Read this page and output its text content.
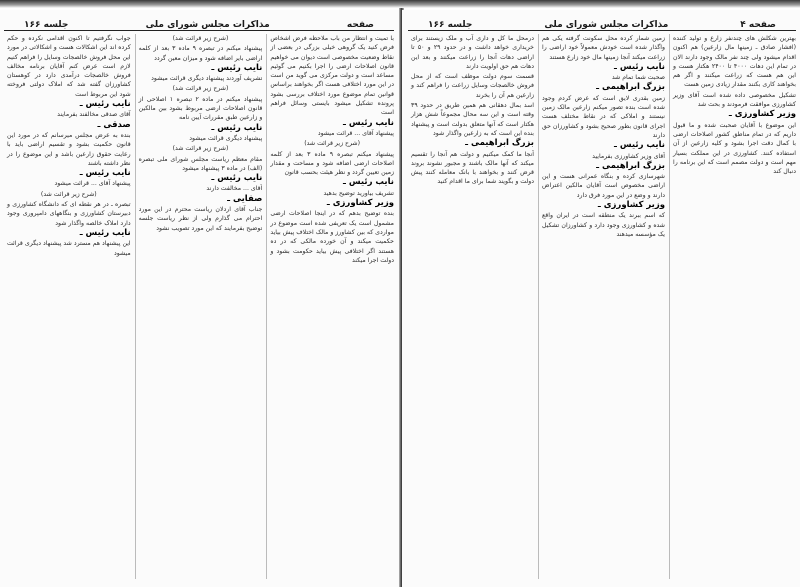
صفحه
مذاکرات مجلس شورای ملی
جلسه ۱۶۶

با تمیت و انتظار من باب ملاحظه فرض اشخاص فرض کنید یک گروهی خیلی بزرگی در بعضی از نقاط وضعیت مخصوصی است دیوان می خواهیم قانون اصلاحات ارضی را اجرا بکنیم می گوئیم مساعد است و دولت مرکزی می گوید من است در این مورد اختلافی هست اگر بخواهند براساس قوانین تمام موضوع مورد اختلاف بررسی بشود پرونده تشکیل میشود بایستی وسائل فراهم است

نایب رئیس ـ

پیشنهاد آقای ... قرائت میشود

(شرح زیر قرائت شد)

پیشنهاد میکنم تبصره ۹ ماده ۳ بعد از کلمه اصلاحات ارضی اضافه شود و مساحت و مقدار زمین تعیین گردد و نظر هیئت بحسب قانون

نایب رئیس ـ

تشریف بیاورید توضیح بدهید

وزیر کشاورزی ـ

بنده توضیح بدهم که در اینجا اصلاحات ارضی مشمول است یک تعریفی شده است موضوع در مواردی که بین کشاورز و مالک اختلاف پیش بیاید حکمیت میکند و آن خورده مالکی که در ده هستند اگر اختلافی پیش بیاید حکومت بشود و دولت اجرا میکند

(شرح زیر قرائت شد)

پیشنهاد میکنم در تبصره ۹ ماده ۳ بعد از کلمه اراضی بایر اضافه شود و میزان معین گردد

نایب رئیس ـ

تشریف آوردند پیشنهاد دیگری قرائت میشود

(شرح زیر قرائت شد)

پیشنهاد میکنم در ماده ۲ تبصره ۱ اصلاحی از قانون اصلاحات ارضی مربوط بشود بین مالکین و زارعین طبق مقررات آیین نامه

نایب رئیس ـ

پیشنهاد دیگری قرائت میشود

(شرح زیر قرائت شد)

مقام معظم ریاست مجلس شورای ملی تبصره (الف) در ماده ۳ پیشنهاد میشود

نایب رئیس ـ

آقای ... مخالفت دارند

صفایی ـ

جناب آقای اردلان ریاست محترم در این مورد احترام می گذارم ولی از نظر ریاست جلسه توضیح بفرمایند که این مورد تصویب نشود

جواب نگرفتیم تا اکنون اقدامی نکرده و حکم کرده اند این اشکالات هست و اشکالاتی در مورد این محل فروش خالصجات وسایل را فراهم کنیم لازم است عرض کنم آقایان برنامه مخالف فروش خالصجات درآمدی دارد در کوهستان کشاورزان گفته شد که املاک دولتی فروخته شود این مربوط است

نایب رئیس ـ

آقای صدقی مخالفند بفرمایند

صدقی ـ

بنده به عرض مجلس میرسانم که در مورد این قانون حکمیت بشود و تقسیم اراضی باید با رعایت حقوق زارعین باشد و این موضوع را در نظر داشته باشند

نایب رئیس ـ

پیشنهاد آقای ... قرائت میشود

(شرح زیر قرائت شد)

تبصره ـ در هر نقطه ای که دانشگاه کشاورزی و دبیرستان کشاورزی و بنگاههای دامپروری وجود دارد املاک خالصه واگذار شود

نایب رئیس ـ

این پیشنهاد هم مسترد شد پیشنهاد دیگری قرائت میشود

صفحه ۴
مذاکرات مجلس شورای ملی
جلسه ۱۶۶

بهترین شکلش های چندنفر زارع و تولید کننده (افشار صادق ـ زمینها مال زارعین) هم اکنون اقدام میشود ولی چند نفر مالک وجود دارند الان در تمام این دهات ۴۰۰۰ تا ۲۴۰۰ هکتار هست و این هم هست که زراعت میکنند و اگر هم بخواهند کاری بکنند مقدار زیادی زمین هست

تشکیل مخصوصی داده شده است آقای وزیر کشاورزی موافقت فرمودند و بحث شد

وزیر کشاورزی ـ

این موضوع با آقایان صحبت شده و ما قبول داریم که در تمام مناطق کشور اصلاحات ارضی با کمال دقت اجرا بشود و کلیه زارعین از آن استفاده کنند. کشاورزی در این مملکت بسیار مهم است و دولت مصمم است که این برنامه را دنبال کند

زمین شمار کرده محل سکونت گرفته یکی هم واگذار شده است خودش معمولاً خود اراضی را زراعت میکند آنجا زمینها مال خود زارع هستند

نایب رئیس ـ

صحبت شما تمام شد

بزرگ ابراهیمی ـ

زمین بقدری لایق است که عرض کردم وجود شده است بنده تصور میکنم زارعین مالک زمین نیستند و املاکی که در نقاط مختلف هست اجرای قانون بطور صحیح بشود و کشاورزان حق دارند

نایب رئیس ـ

آقای وزیر کشاورزی بفرمایید

بزرگ ابراهیمی ـ

شهرسازی کرده و بنگاه عمرانی هست و این اراضی مخصوص است آقایان مالکین اعتراض دارند و وضع در این مورد فرق دارد

وزیر کشاورزی ـ

که اسم ببرند یک منطقه است در ایران واقع شده و کشاورزی وجود دارد و کشاورزان تشکیل یک مؤسسه میدهند

درمحل ما کل و داری آب و ملک زیستند برای خریداری خواهد داشت و در حدود ۲۹ و ۵۰ تا اراضی دهات آنجا را زراعت میکنند و بعد این دهات هم حق اولویت دارند

قسمت سوم دولت موظف است که از محل فروش خالصجات وسایل زراعت را فراهم کند و زارعین هم آن را بخرند

اسد بمال دهقانی هم همین طریق در حدود ۳۹ وقته است و این سه محال مجموعاً شش هزار هکتار است که آنها متعلق بدولت است و پیشنهاد بنده این است که به زارعین واگذار شود

بزرگ ابراهیمی ـ

آنجا ما کمک میکنیم و دولت هم آنجا را تقسیم میکند که آنها مالک باشند و مجبور نشوند بروند قرض کنند و بخواهند با بانک معامله کنند پیش دولت و بگویند شما برای ما اقدام کنید
